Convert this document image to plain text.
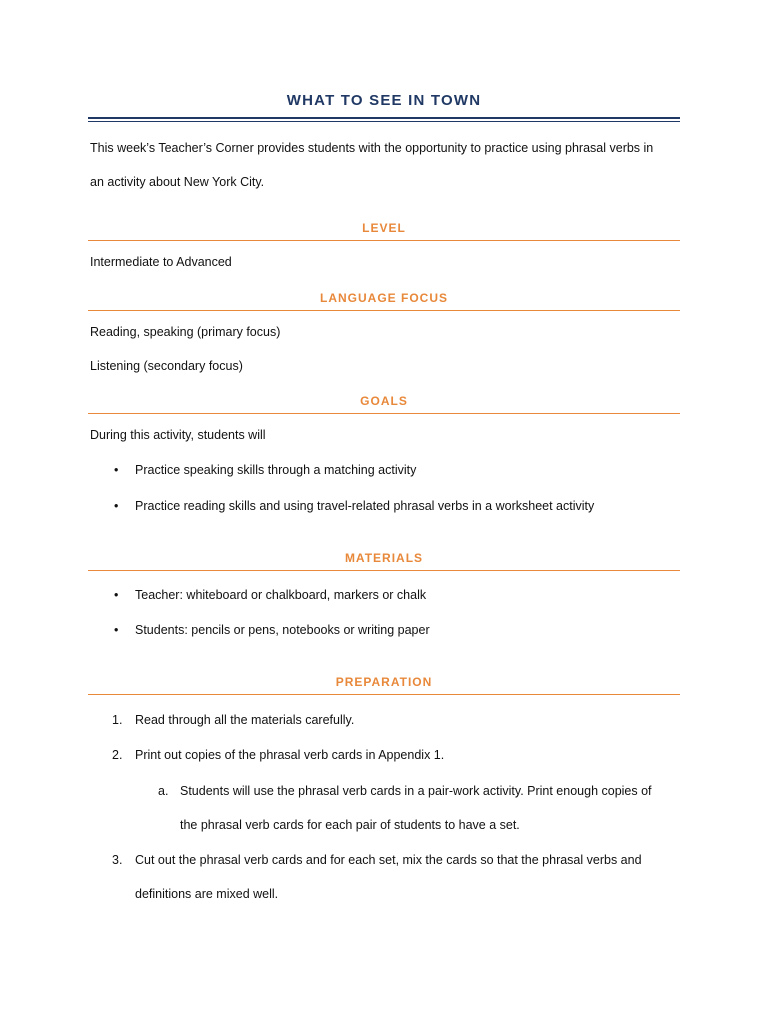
WHAT TO SEE IN TOWN
This week’s Teacher’s Corner provides students with the opportunity to practice using phrasal verbs in
an activity about New York City.
LEVEL
Intermediate to Advanced
LANGUAGE FOCUS
Reading, speaking (primary focus)
Listening (secondary focus)
GOALS
During this activity, students will
•	Practice speaking skills through a matching activity
•	Practice reading skills and using travel-related phrasal verbs in a worksheet activity
MATERIALS
•	Teacher: whiteboard or chalkboard, markers or chalk
•	Students: pencils or pens, notebooks or writing paper
PREPARATION
1. Read through all the materials carefully.
2. Print out copies of the phrasal verb cards in Appendix 1.
a. Students will use the phrasal verb cards in a pair-work activity. Print enough copies of
the phrasal verb cards for each pair of students to have a set.
3. Cut out the phrasal verb cards and for each set, mix the cards so that the phrasal verbs and
definitions are mixed well.
